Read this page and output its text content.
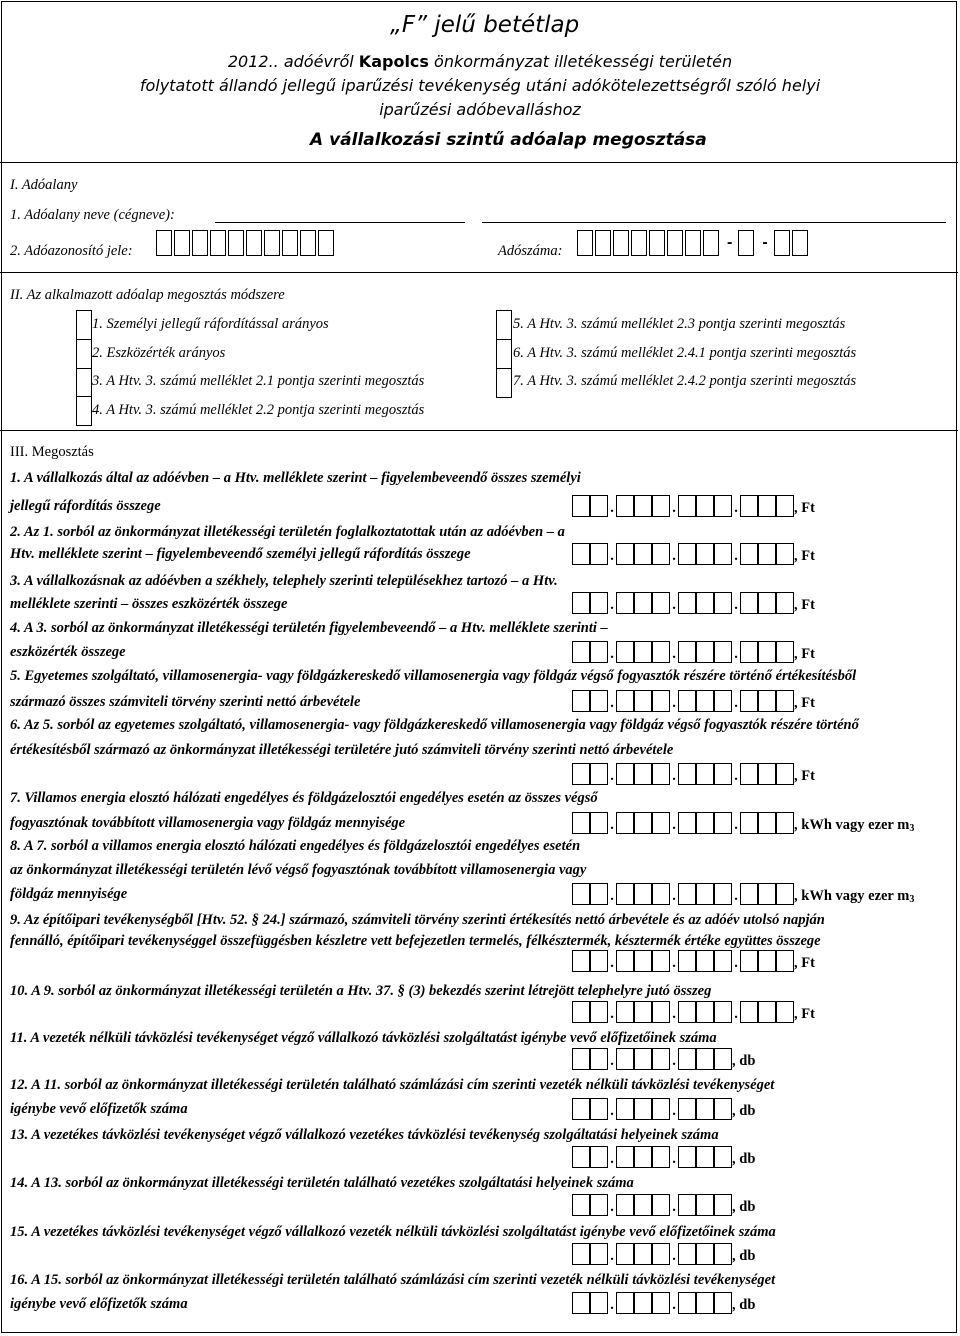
„F” jelű betétlap
2012.. adóévről Kapolcs önkormányzat illetékességi területén
folytatott állandó jellegű iparűzési tevékenység utáni adókötelezettségről szóló helyi
iparűzési adóbevalláshoz
A vállalkozási szintű adóalap megosztása
I. Adóalany
1. Adóalany neve (cégneve):
2. Adóazonosító jele:	Adószáma:	- -
II. Az alkalmazott adóalap megosztás módszere
1. Személyi jellegű ráfordítással arányos
2. Eszközérték arányos
3. A Htv. 3. számú melléklet 2.1 pontja szerinti megosztás
4. A Htv. 3. számú melléklet 2.2 pontja szerinti megosztás
5. A Htv. 3. számú melléklet 2.3 pontja szerinti megosztás
6. A Htv. 3. számú melléklet 2.4.1 pontja szerinti megosztás
7. A Htv. 3. számú melléklet 2.4.2 pontja szerinti megosztás
III. Megosztás
1. A vállalkozás által az adóévben – a Htv. melléklete szerint – figyelembeveendő összes személyi
jellegű ráfordítás összege	.	.	.	, Ft
2. Az 1. sorból az önkormányzat illetékességi területén foglalkoztatottak után az adóévben – a
Htv. melléklete szerint – figyelembeveendő személyi jellegű ráfordítás összege	.	.	.	, Ft
3. A vállalkozásnak az adóévben a székhely, telephely szerinti településekhez tartozó – a Htv.
melléklete szerinti – összes eszközérték összege	.	.	.	, Ft
4. A 3. sorból az önkormányzat illetékességi területén figyelembeveendő – a Htv. melléklete szerinti –
eszközérték összege	.	.	.	, Ft
5. Egyetemes szolgáltató, villamosenergia- vagy földgázkereskedő villamosenergia vagy földgáz végső fogyasztók részére történő értékesítésből
származó összes számviteli törvény szerinti nettó árbevétele	.	.	.	, Ft
6. Az 5. sorból az egyetemes szolgáltató, villamosenergia- vagy földgázkereskedő villamosenergia vagy földgáz végső fogyasztók részére történő
értékesítésből származó az önkormányzat illetékességi területére jutó számviteli törvény szerinti nettó árbevétele
.	.	.	, Ft
7. Villamos energia elosztó hálózati engedélyes és földgázelosztói engedélyes esetén az összes végső
fogyasztónak továbbított villamosenergia vagy földgáz mennyisége	.	.	.	, kWh vagy ezer m3
8. A 7. sorból a villamos energia elosztó hálózati engedélyes és földgázelosztói engedélyes esetén
az önkormányzat illetékességi területén lévő végső fogyasztónak továbbított villamosenergia vagy
földgáz mennyisége	.	.	.	, kWh vagy ezer m3
9. Az építőipari tevékenységből [Htv. 52. § 24.] származó, számviteli törvény szerinti értékesítés nettó árbevétele és az adóév utolsó napján
fennálló, építőipari tevékenységgel összefüggésben készletre vett befejezetlen termelés, félkésztermék, késztermék értéke együttes összege
.	.	.	, Ft
10. A 9. sorból az önkormányzat illetékességi területén a Htv. 37. § (3) bekezdés szerint létrejött telephelyre jutó összeg
.	.	.	, Ft
11. A vezeték nélküli távközlési tevékenységet végző vállalkozó távközlési szolgáltatást igénybe vevő előfizetőinek száma
.	.	, db
12. A 11. sorból az önkormányzat illetékességi területén található számlázási cím szerinti vezeték nélküli távközlési tevékenységet
igénybe vevő előfizetők száma	.	.	, db
13. A vezetékes távközlési tevékenységet végző vállalkozó vezetékes távközlési tevékenység szolgáltatási helyeinek száma
.	.	, db
14. A 13. sorból az önkormányzat illetékességi területén található vezetékes szolgáltatási helyeinek száma
.	.	, db
15. A vezetékes távközlési tevékenységet végző vállalkozó vezeték nélküli távközlési szolgáltatást igénybe vevő előfizetőinek száma
.	.	, db
16. A 15. sorból az önkormányzat illetékességi területén található számlázási cím szerinti vezeték nélküli távközlési tevékenységet
igénybe vevő előfizetők száma	.	.	, db
